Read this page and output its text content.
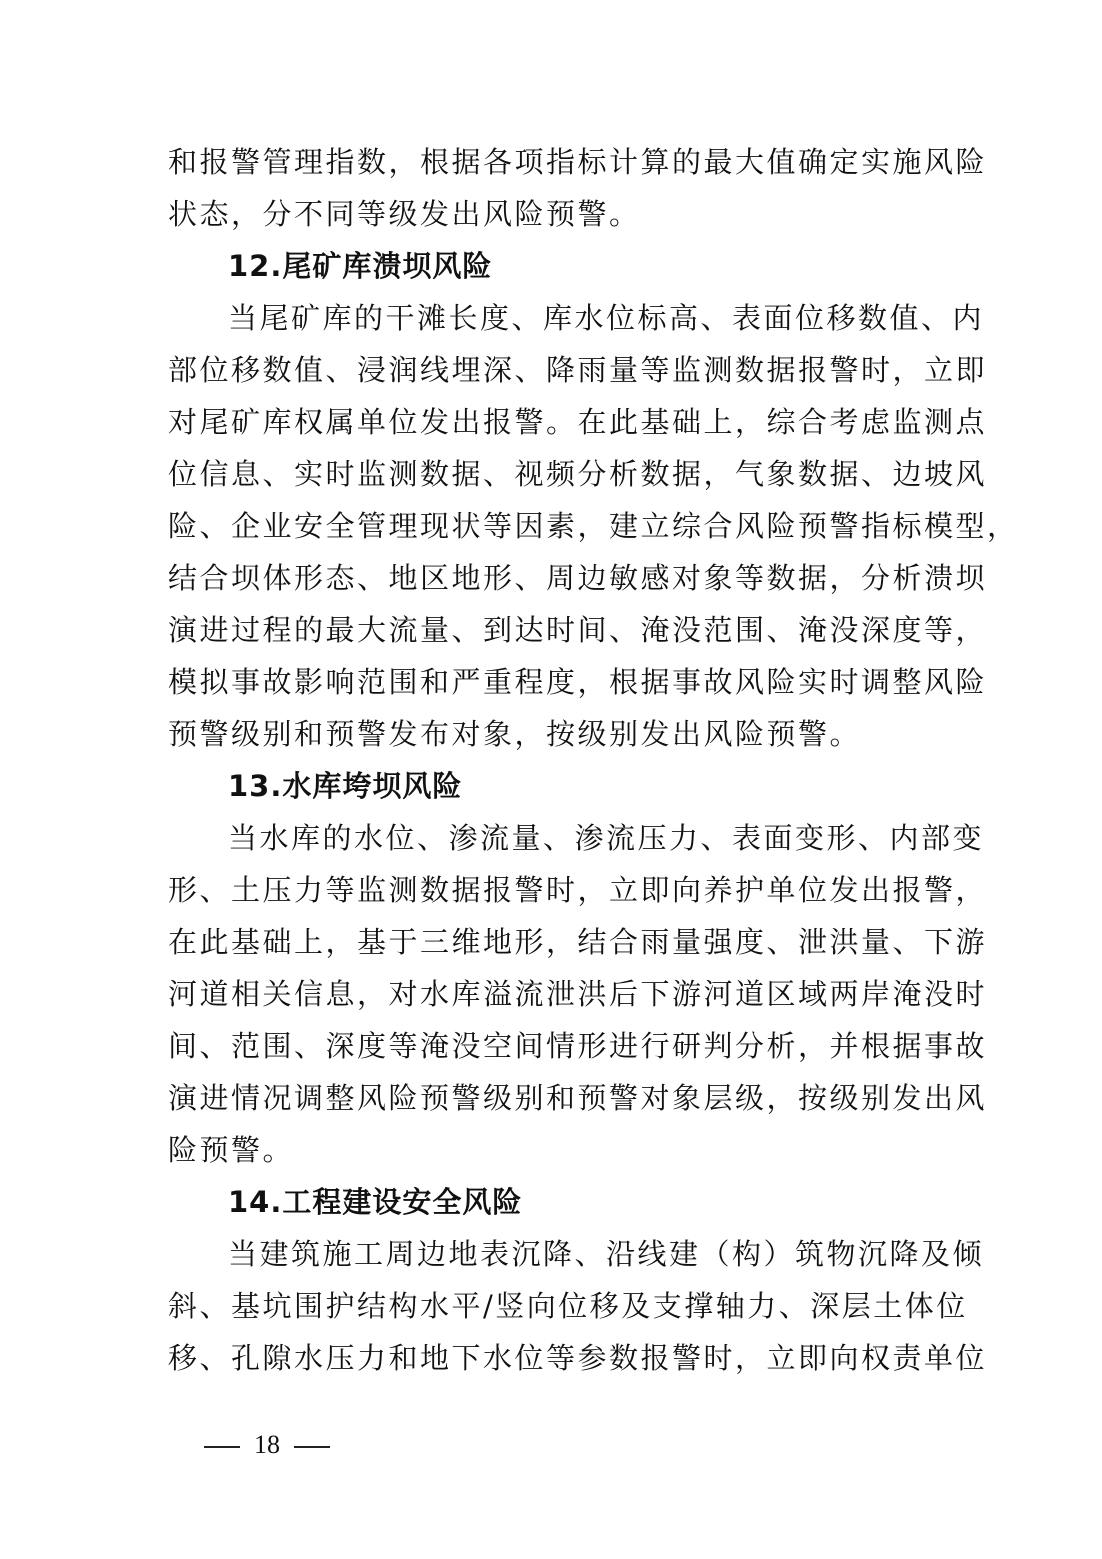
和报警管理指数，根据各项指标计算的最大值确定实施风险
状态，分不同等级发出风险预警。
12.尾矿库溃坝风险
当尾矿库的干滩长度、库水位标高、表面位移数值、内
部位移数值、浸润线埋深、降雨量等监测数据报警时，立即
对尾矿库权属单位发出报警。在此基础上，综合考虑监测点
位信息、实时监测数据、视频分析数据，气象数据、边坡风
险、企业安全管理现状等因素，建立综合风险预警指标模型，
结合坝体形态、地区地形、周边敏感对象等数据，分析溃坝
演进过程的最大流量、到达时间、淹没范围、淹没深度等，
模拟事故影响范围和严重程度，根据事故风险实时调整风险
预警级别和预警发布对象，按级别发出风险预警。
13.水库垮坝风险
当水库的水位、渗流量、渗流压力、表面变形、内部变
形、土压力等监测数据报警时，立即向养护单位发出报警，
在此基础上，基于三维地形，结合雨量强度、泄洪量、下游
河道相关信息，对水库溢流泄洪后下游河道区域两岸淹没时
间、范围、深度等淹没空间情形进行研判分析，并根据事故
演进情况调整风险预警级别和预警对象层级，按级别发出风
险预警。
14.工程建设安全风险
当建筑施工周边地表沉降、沿线建（构）筑物沉降及倾
斜、基坑围护结构水平/竖向位移及支撑轴力、深层土体位
移、孔隙水压力和地下水位等参数报警时，立即向权责单位
18
